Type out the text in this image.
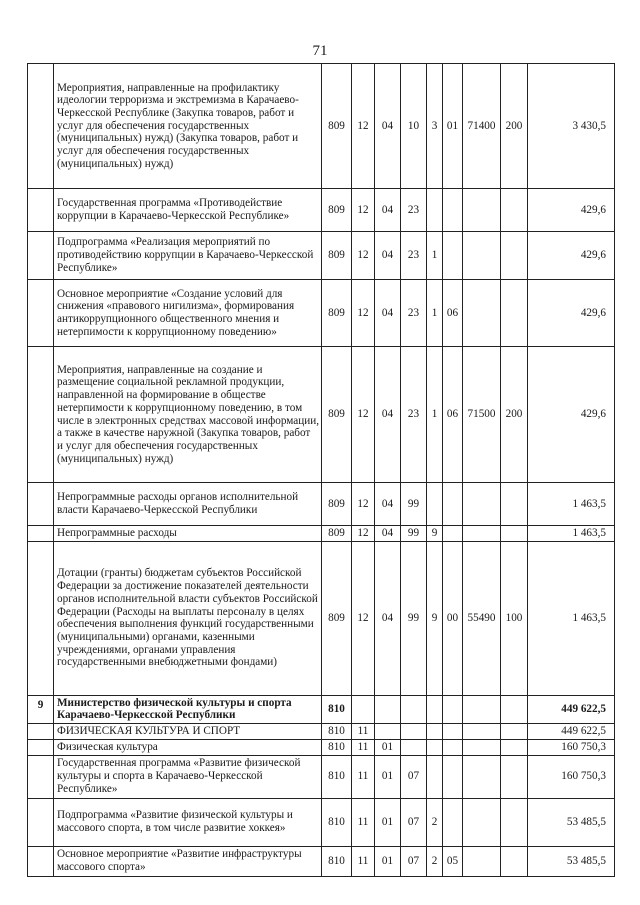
71
	Мероприятия, направленные на профилактику идеологии терроризма и экстремизма в Карачаево-Черкесской Республике (Закупка товаров, работ и услуг для обеспечения государственных (муниципальных) нужд) (Закупка товаров, работ и услуг для обеспечения государственных (муниципальных) нужд)	809	12	04	10	3	01	71400	200	3 430,5
	Государственная программа «Противодействие коррупции в Карачаево-Черкесской Республике»	809	12	04	23					429,6
	Подпрограмма «Реализация мероприятий по противодействию коррупции в Карачаево-Черкесской Республике»	809	12	04	23	1				429,6
	Основное мероприятие «Создание условий для снижения «правового нигилизма», формирования антикоррупционного общественного мнения и нетерпимости к коррупционному поведению»	809	12	04	23	1	06			429,6
	Мероприятия, направленные на создание и размещение социальной рекламной продукции, направленной на формирование в обществе нетерпимости к коррупционному поведению, в том числе в электронных средствах массовой информации, а также в качестве наружной (Закупка товаров, работ и услуг для обеспечения государственных (муниципальных) нужд)	809	12	04	23	1	06	71500	200	429,6
	Непрограммные расходы органов исполнительной власти Карачаево-Черкесской Республики	809	12	04	99					1 463,5
	Непрограммные расходы	809	12	04	99	9				1 463,5
	Дотации (гранты) бюджетам субъектов Российской Федерации за достижение показателей деятельности органов исполнительной власти субъектов Российской Федерации (Расходы на выплаты персоналу в целях обеспечения выполнения функций государственными (муниципальными) органами, казенными учреждениями, органами управления государственными внебюджетными фондами)	809	12	04	99	9	00	55490	100	1 463,5
9	Министерство физической культуры и спорта Карачаево-Черкесской Республики	810								449 622,5
	ФИЗИЧЕСКАЯ КУЛЬТУРА И СПОРТ	810	11							449 622,5
	Физическая культура	810	11	01						160 750,3
	Государственная программа «Развитие физической культуры и спорта в Карачаево-Черкесской Республике»	810	11	01	07					160 750,3
	Подпрограмма «Развитие физической культуры и массового спорта, в том числе развитие хоккея»	810	11	01	07	2				53 485,5
	Основное мероприятие «Развитие инфраструктуры массового спорта»	810	11	01	07	2	05			53 485,5
